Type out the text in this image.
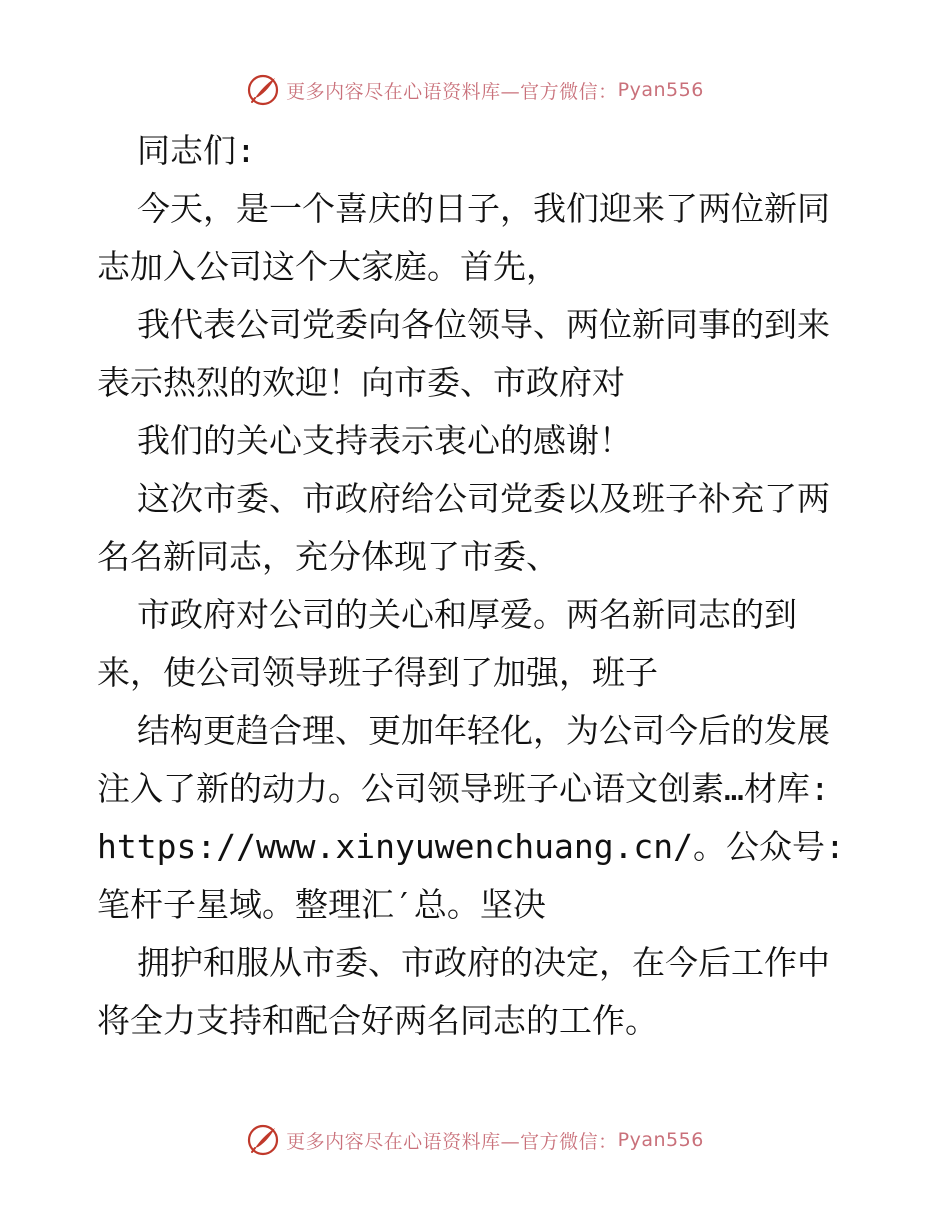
更多内容尽在心语资料库—官方微信： Pyan556

同志们:

今天，是一个喜庆的日子，我们迎来了两位新同志加入公司这个大家庭。首先，

我代表公司党委向各位领导、两位新同事的到来表示热烈的欢迎！向市委、市政府对

我们的关心支持表示衷心的感谢！

这次市委、市政府给公司党委以及班子补充了两名名新同志，充分体现了市委、

市政府对公司的关心和厚爱。两名新同志的到来，使公司领导班子得到了加强，班子

结构更趋合理、更加年轻化，为公司今后的发展注入了新的动力。公司领导班子心语文创素…材库: https://www.xinyuwenchuang.cn/。公众号:笔杆子星域。整理汇′总。坚决

拥护和服从市委、市政府的决定，在今后工作中将全力支持和配合好两名同志的工作。

更多内容尽在心语资料库—官方微信： Pyan556
